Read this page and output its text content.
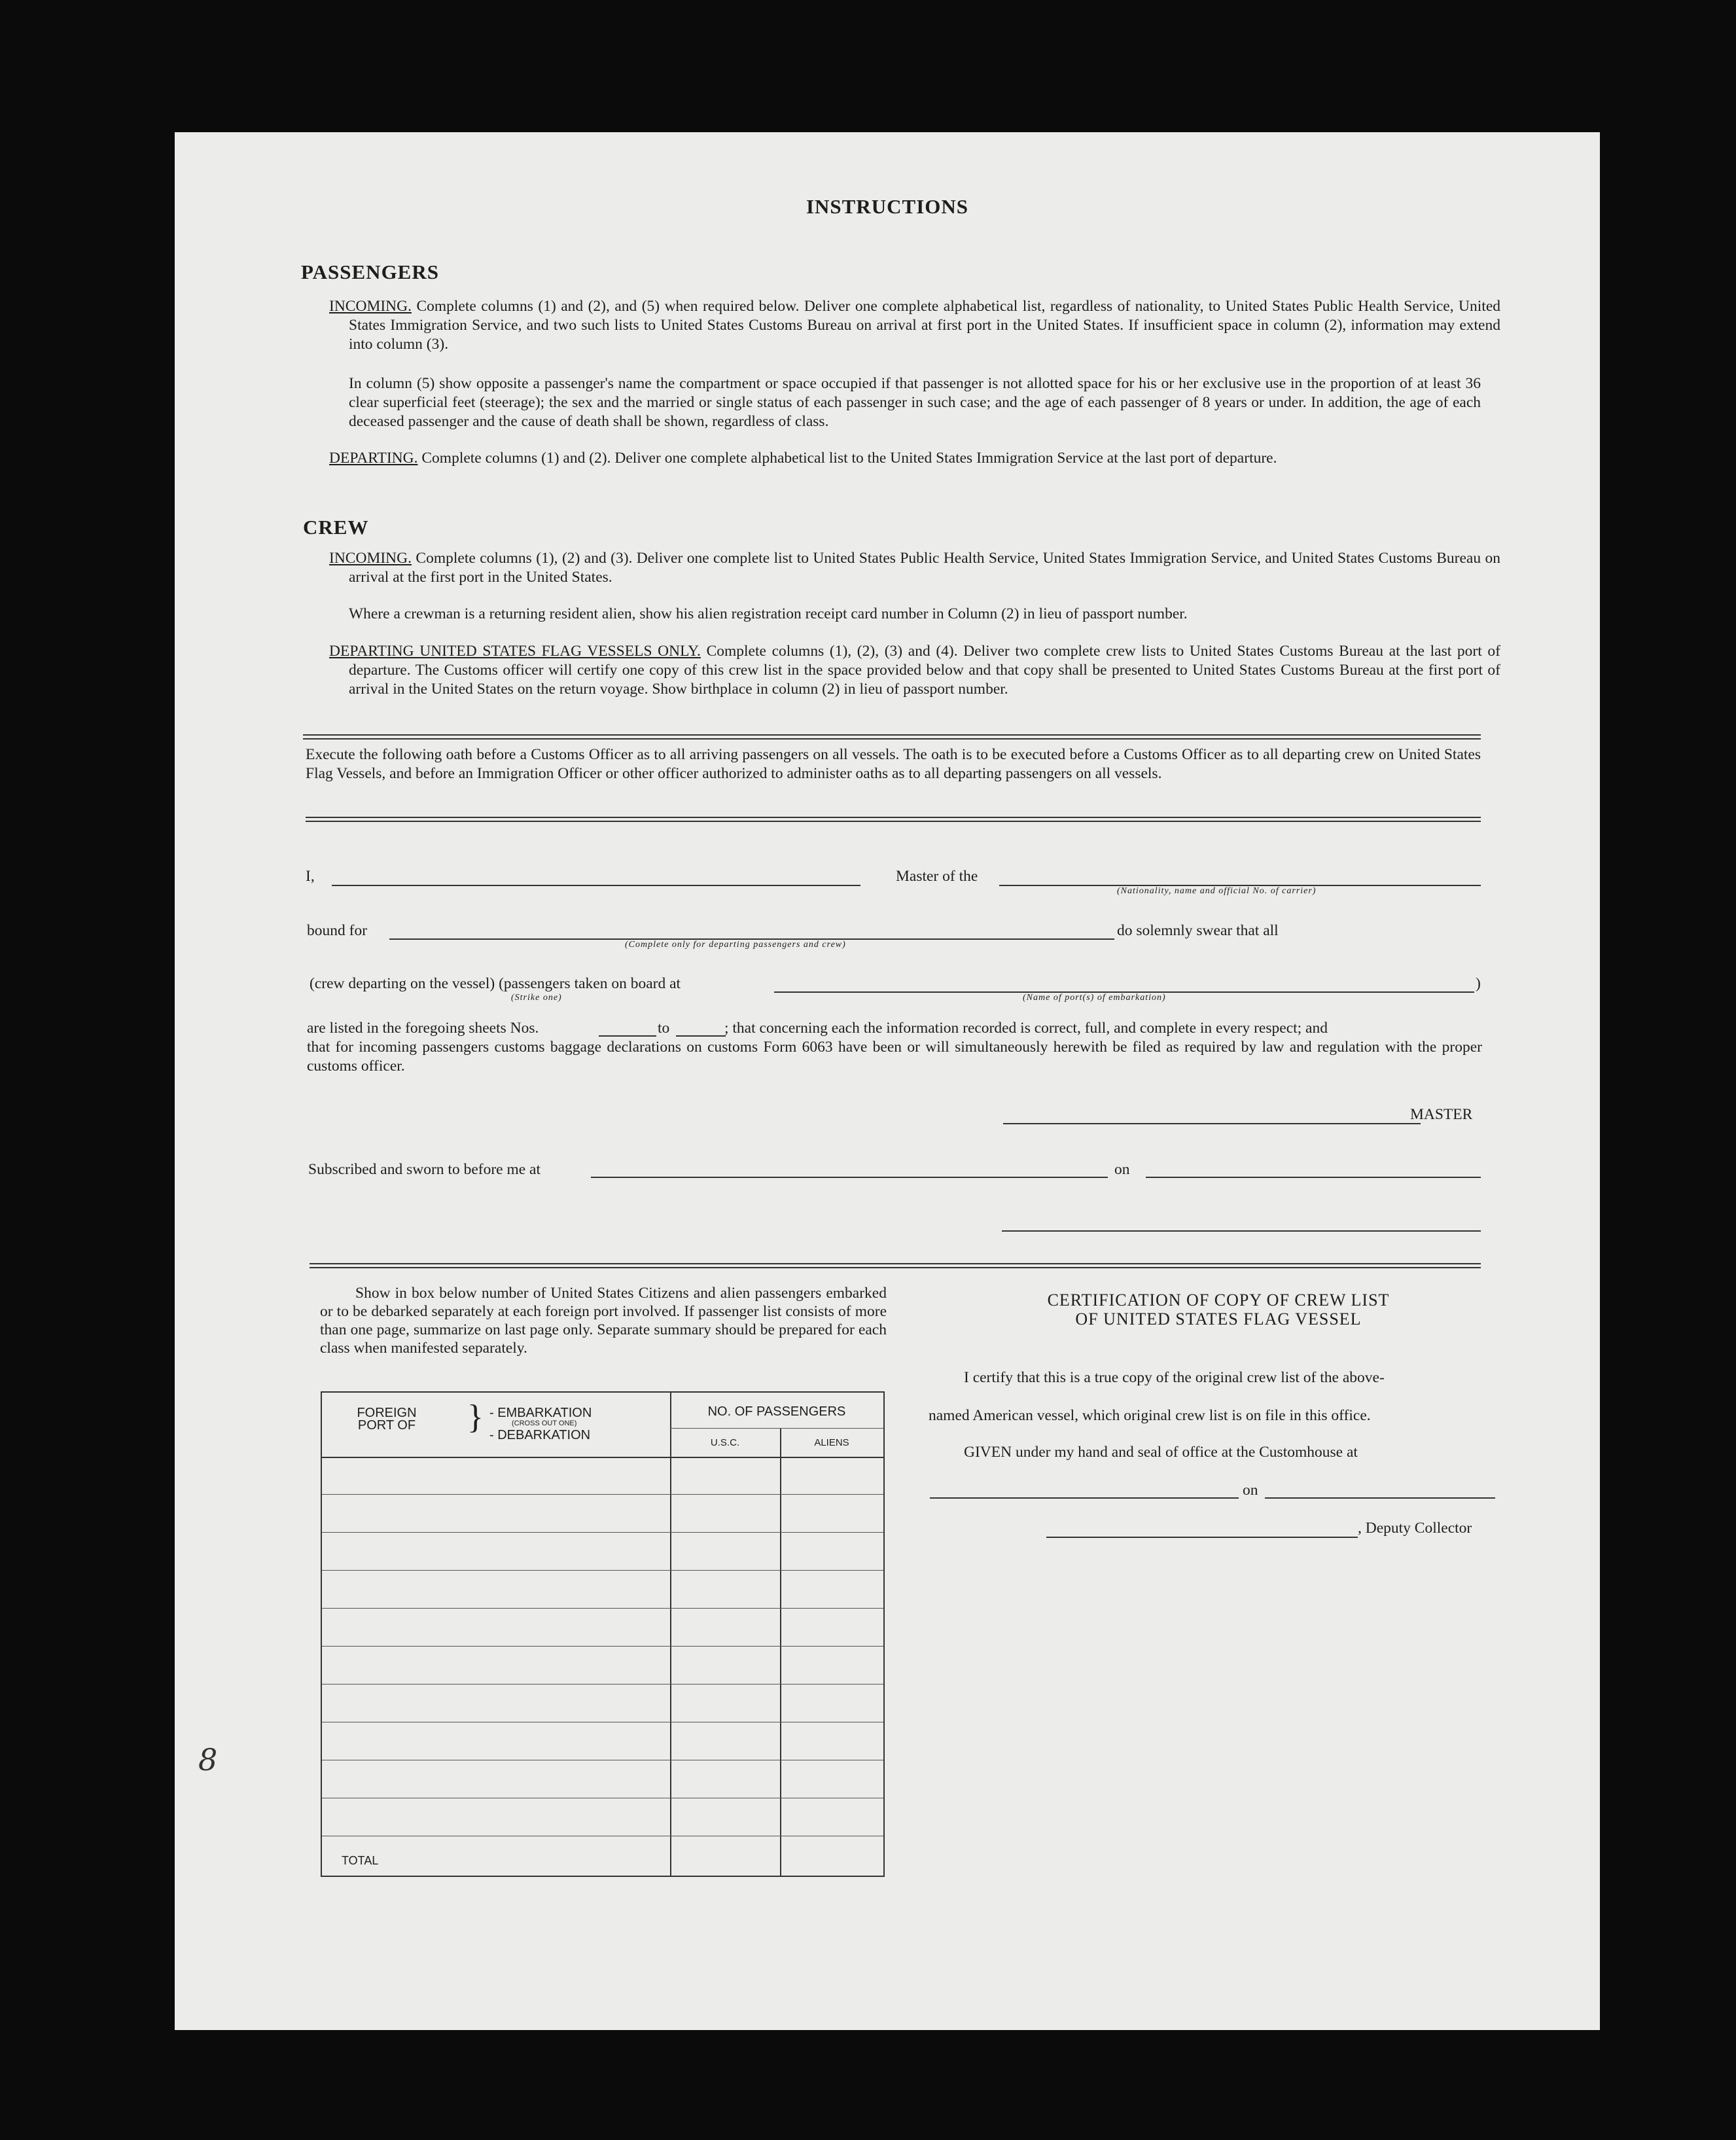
INSTRUCTIONS
PASSENGERS
INCOMING. Complete columns (1) and (2), and (5) when required below. Deliver one complete alphabetical list, regardless of nationality, to United States Public Health Service, United States Immigration Service, and two such lists to United States Customs Bureau on arrival at first port in the United States. If insufficient space in column (2), information may extend into column (3).
In column (5) show opposite a passenger's name the compartment or space occupied if that passenger is not allotted space for his or her exclusive use in the proportion of at least 36 clear superficial feet (steerage); the sex and the married or single status of each passenger in such case; and the age of each passenger of 8 years or under. In addition, the age of each deceased passenger and the cause of death shall be shown, regardless of class.
DEPARTING. Complete columns (1) and (2). Deliver one complete alphabetical list to the United States Immigration Service at the last port of departure.
CREW
INCOMING. Complete columns (1), (2) and (3). Deliver one complete list to United States Public Health Service, United States Immigration Service, and United States Customs Bureau on arrival at the first port in the United States.
Where a crewman is a returning resident alien, show his alien registration receipt card number in Column (2) in lieu of passport number.
DEPARTING UNITED STATES FLAG VESSELS ONLY. Complete columns (1), (2), (3) and (4). Deliver two complete crew lists to United States Customs Bureau at the last port of departure. The Customs officer will certify one copy of this crew list in the space provided below and that copy shall be presented to United States Customs Bureau at the first port of arrival in the United States on the return voyage. Show birthplace in column (2) in lieu of passport number.
Execute the following oath before a Customs Officer as to all arriving passengers on all vessels. The oath is to be executed before a Customs Officer as to all departing crew on United States Flag Vessels, and before an Immigration Officer or other officer authorized to administer oaths as to all departing passengers on all vessels.
I,	Master of the
(Nationality, name and official No. of carrier)
bound for	do solemnly swear that all
(Complete only for departing passengers and crew)
(crew departing on the vessel) (passengers taken on board at	)
(Strike one)	(Name of port(s) of embarkation)
are listed in the foregoing sheets Nos.	to	; that concerning each the information recorded is correct, full, and complete in every respect; and
that for incoming passengers customs baggage declarations on customs Form 6063 have been or will simultaneously herewith be filed as required by law and regulation with the proper customs officer.
MASTER
Subscribed and sworn to before me at	on
Show in box below number of United States Citizens and alien passengers embarked or to be debarked separately at each foreign port involved. If passenger list consists of more than one page, summarize on last page only. Separate summary should be prepared for each class when manifested separately.
FOREIGN PORT OF } - EMBARKATION
(CROSS OUT ONE)
- DEBARKATION
NO. OF PASSENGERS
U.S.C.	ALIENS
TOTAL
CERTIFICATION OF COPY OF CREW LIST
OF UNITED STATES FLAG VESSEL
I certify that this is a true copy of the original crew list of the above-
named American vessel, which original crew list is on file in this office.
GIVEN under my hand and seal of office at the Customhouse at
on
, Deputy Collector
8
